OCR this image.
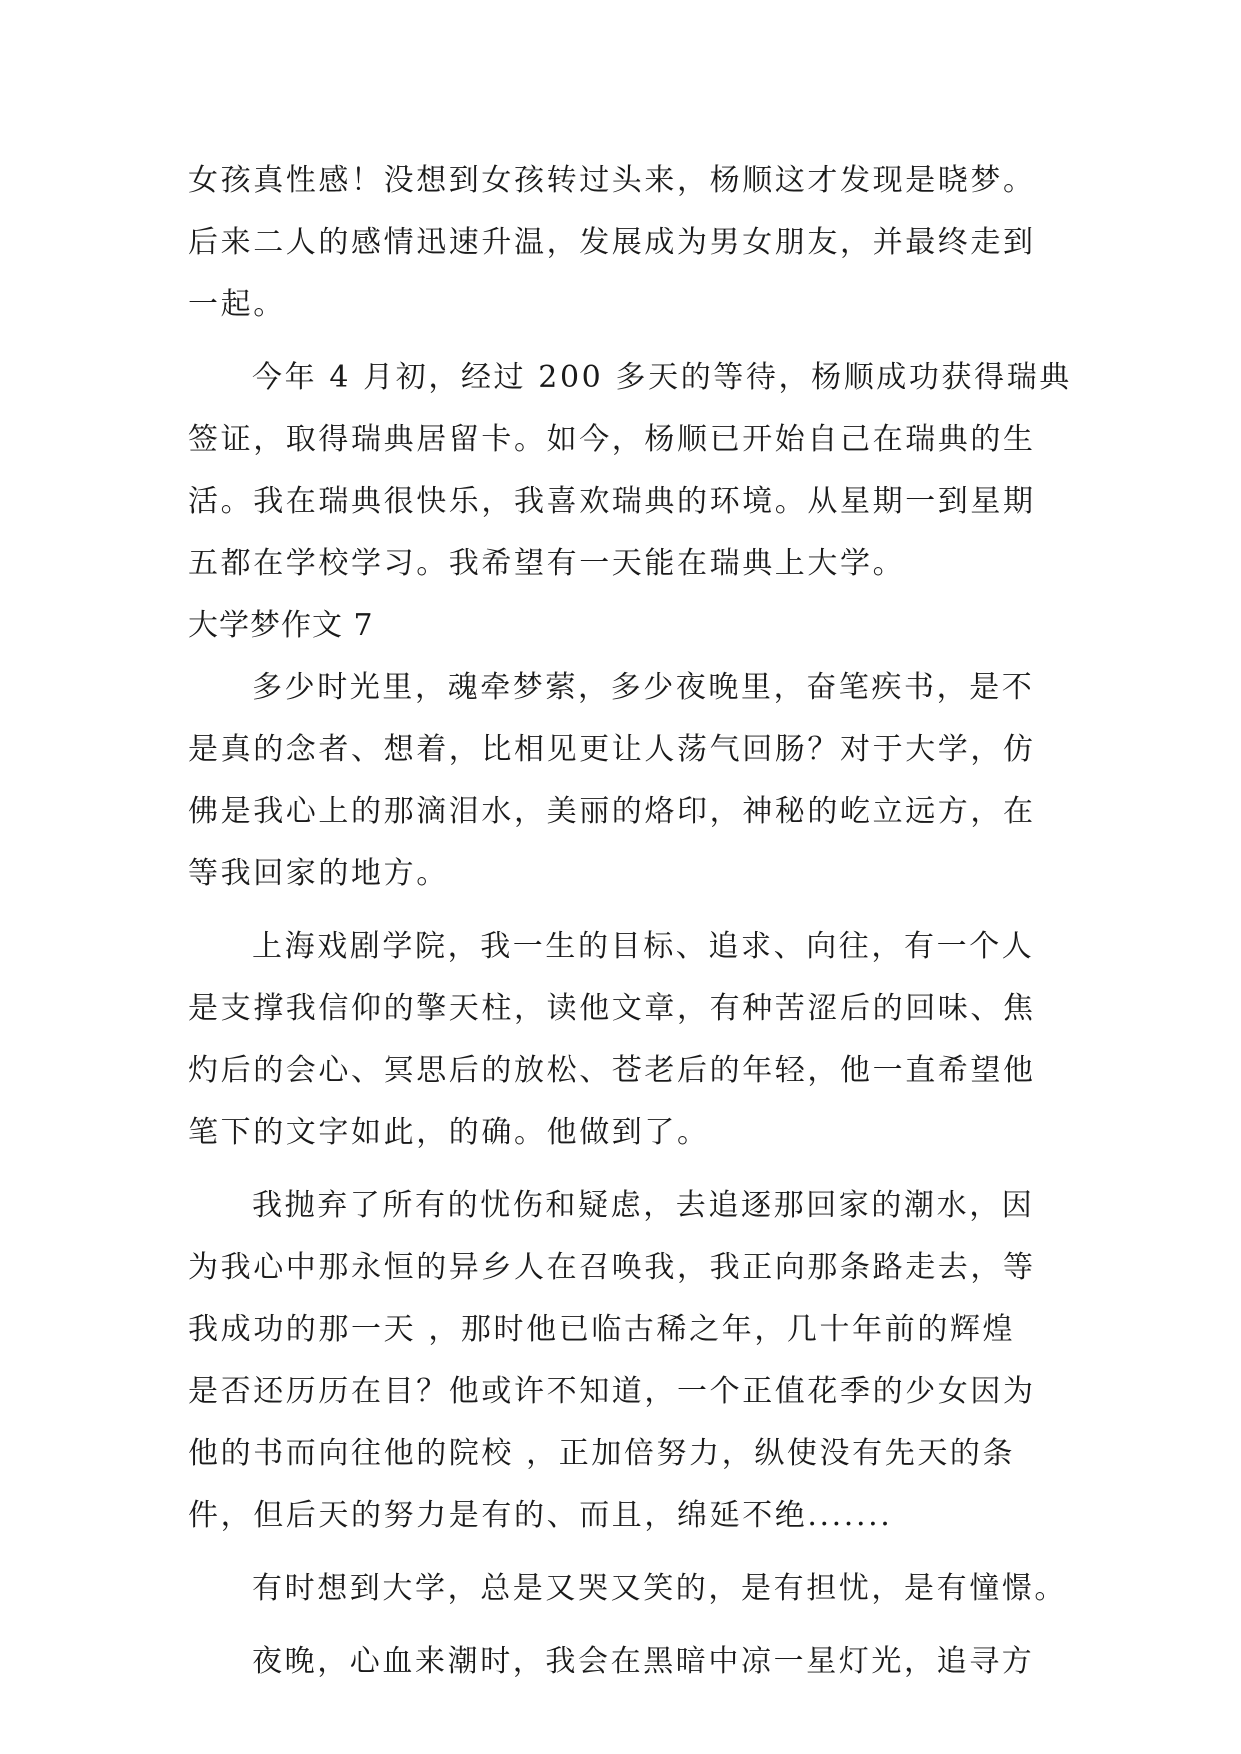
女孩真性感！没想到女孩转过头来，杨顺这才发现是晓梦。
后来二人的感情迅速升温，发展成为男女朋友，并最终走到
一起。
今年 4 月初，经过 200 多天的等待，杨顺成功获得瑞典
签证，取得瑞典居留卡。如今，杨顺已开始自己在瑞典的生
活。我在瑞典很快乐，我喜欢瑞典的环境。从星期一到星期
五都在学校学习。我希望有一天能在瑞典上大学。
大学梦作文 7
多少时光里，魂牵梦萦，多少夜晚里，奋笔疾书，是不
是真的念者、想着，比相见更让人荡气回肠？对于大学，仿
佛是我心上的那滴泪水，美丽的烙印，神秘的屹立远方，在
等我回家的地方。
上海戏剧学院，我一生的目标、追求、向往，有一个人
是支撑我信仰的擎天柱，读他文章，有种苦涩后的回味、焦
灼后的会心、冥思后的放松、苍老后的年轻，他一直希望他
笔下的文字如此，的确。他做到了。
我抛弃了所有的忧伤和疑虑，去追逐那回家的潮水，因
为我心中那永恒的异乡人在召唤我，我正向那条路走去，等
我成功的那一天 ，那时他已临古稀之年，几十年前的辉煌
是否还历历在目？他或许不知道，一个正值花季的少女因为
他的书而向往他的院校 ，正加倍努力，纵使没有先天的条
件，但后天的努力是有的、而且，绵延不绝.......
有时想到大学，总是又哭又笑的，是有担忧，是有憧憬。
夜晚，心血来潮时，我会在黑暗中凉一星灯光，追寻方
